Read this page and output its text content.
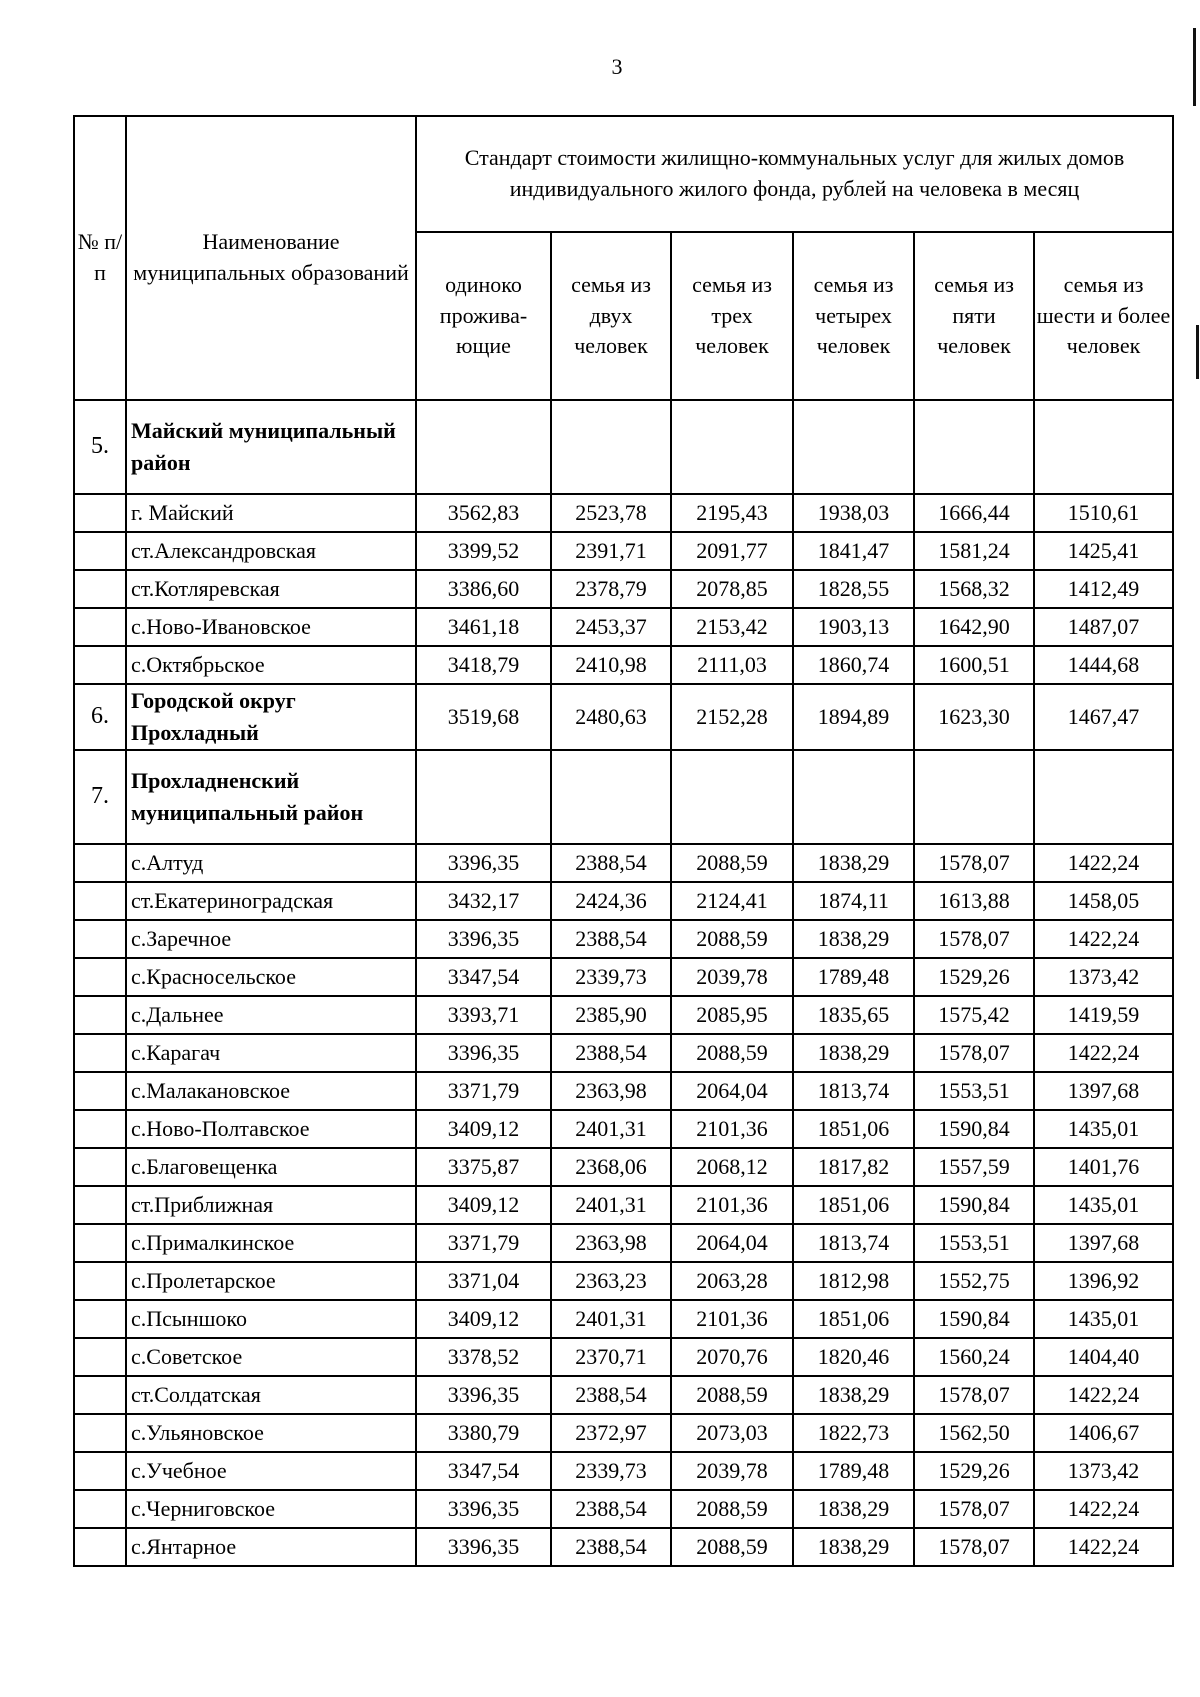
3
№ п/п	Наименование муниципальных образований	Стандарт стоимости жилищно-коммунальных услуг для жилых домов индивидуального жилого фонда, рублей на человека в месяц					
		одиноко прожива-ющие	семья из двух человек	семья из трех человек	семья из четырех человек	семья из пяти человек	семья из шести и более человек
5.	Майский муниципальный район						
	г. Майский	3562,83	2523,78	2195,43	1938,03	1666,44	1510,61
	ст.Александровская	3399,52	2391,71	2091,77	1841,47	1581,24	1425,41
	ст.Котляревская	3386,60	2378,79	2078,85	1828,55	1568,32	1412,49
	с.Ново-Ивановское	3461,18	2453,37	2153,42	1903,13	1642,90	1487,07
	с.Октябрьское	3418,79	2410,98	2111,03	1860,74	1600,51	1444,68
6.	Городской округ Прохладный	3519,68	2480,63	2152,28	1894,89	1623,30	1467,47
7.	Прохладненский муниципальный район						
	с.Алтуд	3396,35	2388,54	2088,59	1838,29	1578,07	1422,24
	ст.Екатериноградская	3432,17	2424,36	2124,41	1874,11	1613,88	1458,05
	с.Заречное	3396,35	2388,54	2088,59	1838,29	1578,07	1422,24
	с.Красносельское	3347,54	2339,73	2039,78	1789,48	1529,26	1373,42
	с.Дальнее	3393,71	2385,90	2085,95	1835,65	1575,42	1419,59
	с.Карагач	3396,35	2388,54	2088,59	1838,29	1578,07	1422,24
	с.Малакановское	3371,79	2363,98	2064,04	1813,74	1553,51	1397,68
	с.Ново-Полтавское	3409,12	2401,31	2101,36	1851,06	1590,84	1435,01
	с.Благовещенка	3375,87	2368,06	2068,12	1817,82	1557,59	1401,76
	ст.Приближная	3409,12	2401,31	2101,36	1851,06	1590,84	1435,01
	с.Прималкинское	3371,79	2363,98	2064,04	1813,74	1553,51	1397,68
	с.Пролетарское	3371,04	2363,23	2063,28	1812,98	1552,75	1396,92
	с.Псыншоко	3409,12	2401,31	2101,36	1851,06	1590,84	1435,01
	с.Советское	3378,52	2370,71	2070,76	1820,46	1560,24	1404,40
	ст.Солдатская	3396,35	2388,54	2088,59	1838,29	1578,07	1422,24
	с.Ульяновское	3380,79	2372,97	2073,03	1822,73	1562,50	1406,67
	с.Учебное	3347,54	2339,73	2039,78	1789,48	1529,26	1373,42
	с.Черниговское	3396,35	2388,54	2088,59	1838,29	1578,07	1422,24
	с.Янтарное	3396,35	2388,54	2088,59	1838,29	1578,07	1422,24
